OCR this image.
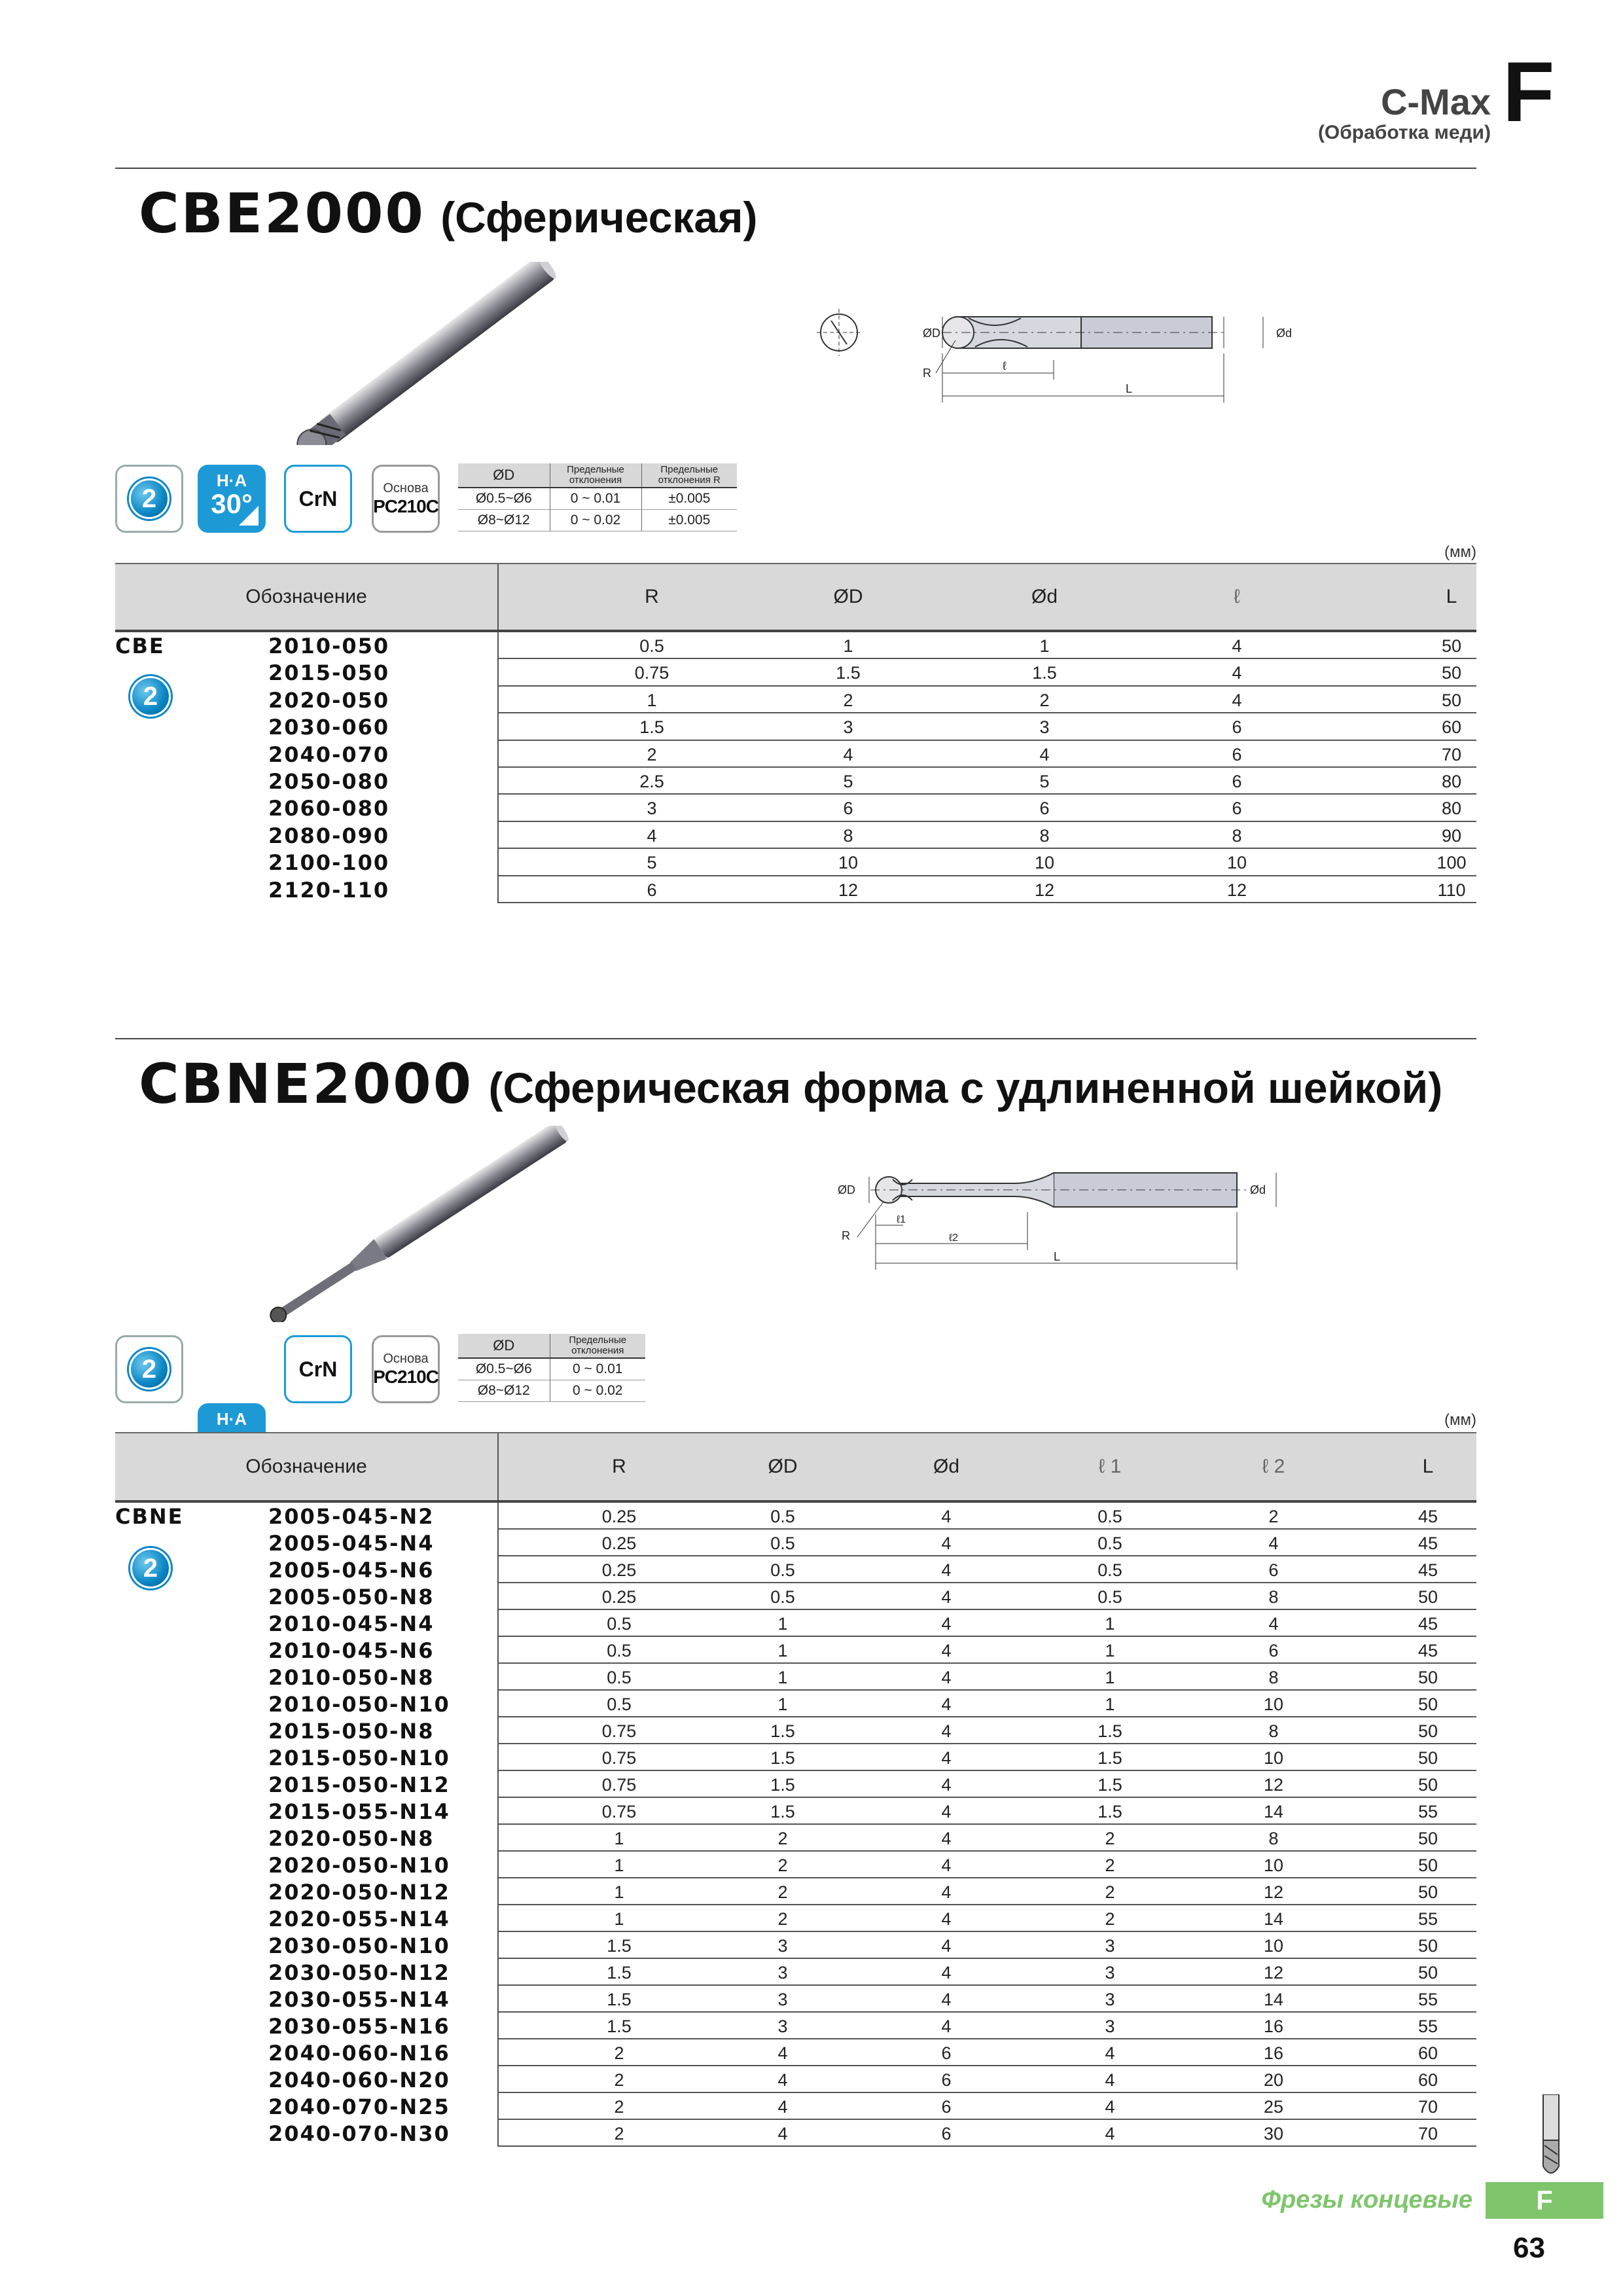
C-Max
(Обработка меди) F
CBE2000 (Сферическая)
ØD	Ød
R
ℓ
L
2
H·A
30° CrN	Основа
PC210C
ØD	Предельные отклонения	Предельные отклонения R
Ø0.5~Ø6	0 ~ 0.01	±0.005
Ø8~Ø12	0 ~ 0.02	±0.005
(мм)
Обозначение	R	ØD	Ød	ℓ	L
2010-050	0.5	1	1	4	50
2015-050	0.75	1.5	1.5	4	50
2020-050	1	2	2	4	50
2030-060	1.5	3	3	6	60
2040-070	2	4	4	6	70
2050-080	2.5	5	5	6	80
2060-080	3	6	6	6	80
2080-090	4	8	8	8	90
2100-100	5	10	10	10	100
2120-110	6	12	12	12	110
CBE
2
CBNE2000 (Сферическая форма с удлиненной шейкой)
ØD	Ød
R
ℓ1
ℓ2
L
2
H·A
CrN	Основа
PC210C
ØD	Предельные отклонения
Ø0.5~Ø6	0 ~ 0.01
Ø8~Ø12	0 ~ 0.02
(мм)
Обозначение	R	ØD	Ød	ℓ 1	ℓ 2	L
2005-045-N2	0.25	0.5	4	0.5	2	45
2005-045-N4	0.25	0.5	4	0.5	4	45
2005-045-N6	0.25	0.5	4	0.5	6	45
2005-050-N8	0.25	0.5	4	0.5	8	50
2010-045-N4	0.5	1	4	1	4	45
2010-045-N6	0.5	1	4	1	6	45
2010-050-N8	0.5	1	4	1	8	50
2010-050-N10	0.5	1	4	1	10	50
2015-050-N8	0.75	1.5	4	1.5	8	50
2015-050-N10	0.75	1.5	4	1.5	10	50
2015-050-N12	0.75	1.5	4	1.5	12	50
2015-055-N14	0.75	1.5	4	1.5	14	55
2020-050-N8	1	2	4	2	8	50
2020-050-N10	1	2	4	2	10	50
2020-050-N12	1	2	4	2	12	50
2020-055-N14	1	2	4	2	14	55
2030-050-N10	1.5	3	4	3	10	50
2030-050-N12	1.5	3	4	3	12	50
2030-055-N14	1.5	3	4	3	14	55
2030-055-N16	1.5	3	4	3	16	55
2040-060-N16	2	4	6	4	16	60
2040-060-N20	2	4	6	4	20	60
2040-070-N25	2	4	6	4	25	70
2040-070-N30	2	4	6	4	30	70
CBNE
2
Фрезы концевые	F
63
